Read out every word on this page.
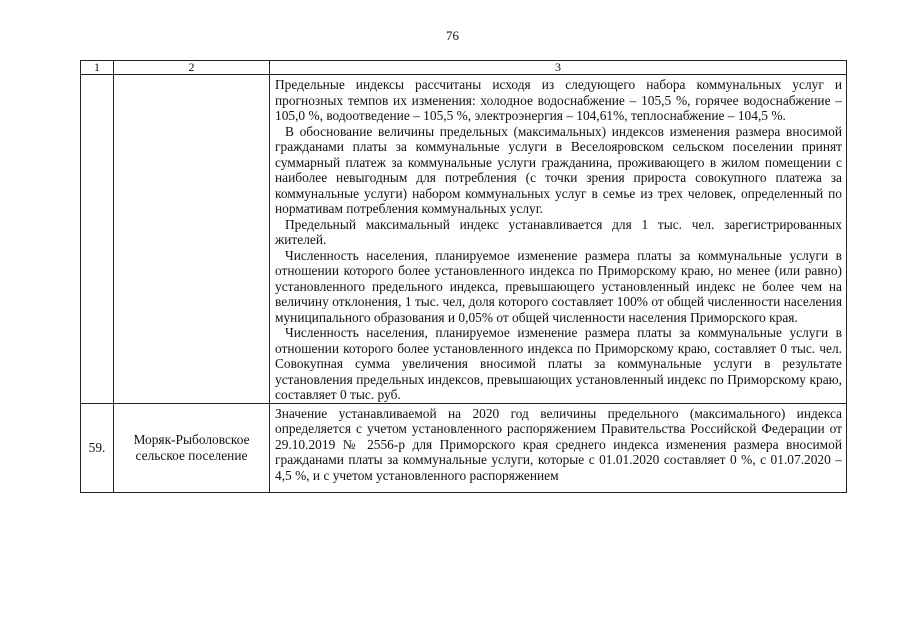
76
1	2	3

		Предельные индексы рассчитаны исходя из следующего набора коммунальных услуг и прогнозных темпов их изменения: холодное водоснабжение – 105,5 %, горячее водоснабжение – 105,0 %, водоотведение – 105,5 %, электроэнергия – 104,61%, теплоснабжение – 104,5 %.

В обоснование величины предельных (максимальных) индексов изменения размера вносимой гражданами платы за коммунальные услуги в Веселояровском сельском поселении принят суммарный платеж за коммунальные услуги гражданина, проживающего в жилом помещении с наиболее невыгодным для потребления (с точки зрения прироста совокупного платежа за коммунальные услуги) набором коммунальных услуг в семье из трех человек, определенный по нормативам потребления коммунальных услуг.

Предельный максимальный индекс устанавливается для 1 тыс. чел. зарегистрированных жителей.

Численность населения, планируемое изменение размера платы за коммунальные услуги в отношении которого более установленного индекса по Приморскому краю, но менее (или равно) установленного предельного индекса, превышающего установленный индекс не более чем на величину отклонения, 1 тыс. чел, доля которого составляет 100% от общей численности населения муниципального образования и 0,05% от общей численности населения Приморского края.

Численность населения, планируемое изменение размера платы за коммунальные услуги в отношении которого более установленного индекса по Приморскому краю, составляет 0 тыс. чел. Совокупная сумма увеличения вносимой платы за коммунальные услуги в результате установления предельных индексов, превышающих установленный индекс по Приморскому краю, составляет 0 тыс. руб.

59.	Моряк-Рыболовское сельское поселение	Значение устанавливаемой на 2020 год величины предельного (максимального) индекса определяется с учетом установленного распоряжением Правительства Российской Федерации от 29.10.2019 № 2556-р для Приморского края среднего индекса изменения размера вносимой гражданами платы за коммунальные услуги, которые с 01.01.2020 составляет 0 %, с 01.07.2020 – 4,5 %, и с учетом установленного распоряжением
